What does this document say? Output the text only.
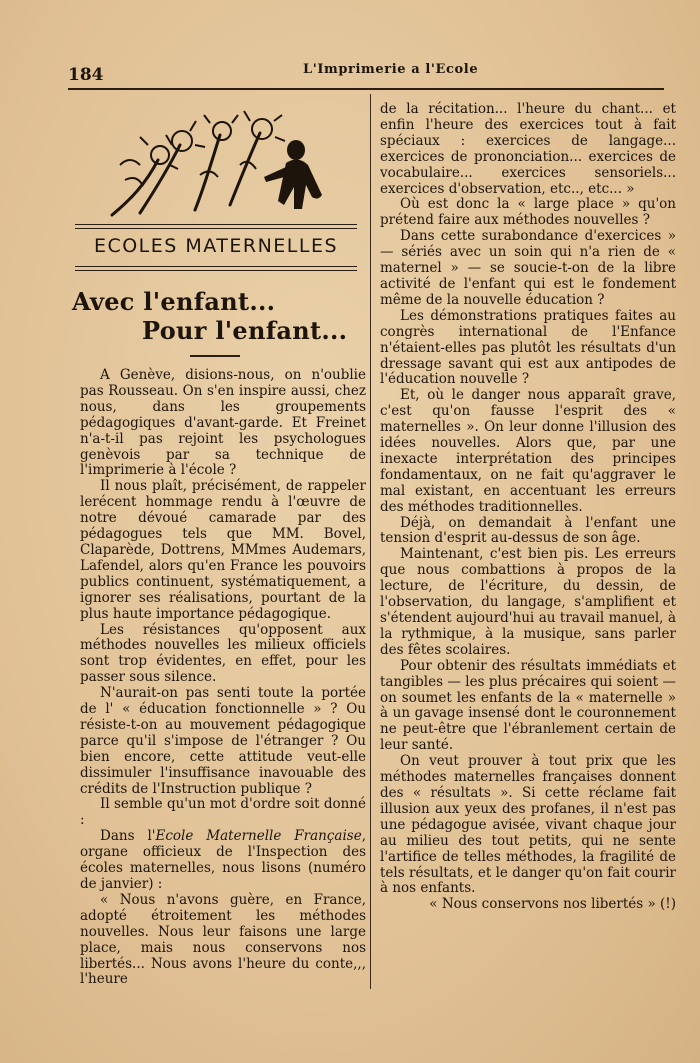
184	L'Imprimerie a l'Ecole
ECOLES MATERNELLES
Avec l'enfant...
Pour l'enfant...

A Genève, disions-nous, on n'oublie pas Rousseau. On s'en inspire aussi, chez nous, dans les groupements pédagogiques d'avant-garde. Et Freinet n'a-t-il pas rejoint les psychologues genèvois par sa technique de l'imprimerie à l'école ?

Il nous plaît, précisément, de rappeler lerécent hommage rendu à l'œuvre de notre dévoué camarade par des pédagogues tels que MM. Bovel, Claparède, Dottrens, MMmes Audemars, Lafendel, alors qu'en France les pouvoirs publics continuent, systématiquement, a ignorer ses réalisations, pourtant de la plus haute importance pédagogique.

Les résistances qu'opposent aux méthodes nouvelles les milieux officiels sont trop évidentes, en effet, pour les passer sous silence.

N'aurait-on pas senti toute la portée de l' « éducation fonctionnelle » ? Ou résiste-t-on au mouvement pédagogique parce qu'il s'impose de l'étranger ? Ou bien encore, cette attitude veut-elle dissimuler l'insuffisance inavouable des crédits de l'Instruction publique ?

Il semble qu'un mot d'ordre soit donné :

Dans l'Ecole Maternelle Française, organe officieux de l'Inspection des écoles maternelles, nous lisons (numéro de janvier) :

« Nous n'avons guère, en France, adopté étroitement les méthodes nouvelles. Nous leur faisons une large place, mais nous conservons nos libertés... Nous avons l'heure du conte,,, l'heure

de la récitation... l'heure du chant... et enfin l'heure des exercices tout à fait spéciaux : exercices de langage... exercices de prononciation... exercices de vocabulaire... exercices sensoriels... exercices d'observation, etc.., etc... »

Où est donc la « large place » qu'on prétend faire aux méthodes nouvelles ?

Dans cette surabondance d'exercices » — sériés avec un soin qui n'a rien de « maternel » — se soucie-t-on de la libre activité de l'enfant qui est le fondement même de la nouvelle éducation ?

Les démonstrations pratiques faites au congrès international de l'Enfance n'étaient-elles pas plutôt les résultats d'un dressage savant qui est aux antipodes de l'éducation nouvelle ?

Et, où le danger nous apparaît grave, c'est qu'on fausse l'esprit des « maternelles ». On leur donne l'illusion des idées nouvelles. Alors que, par une inexacte interprétation des principes fondamentaux, on ne fait qu'aggraver le mal existant, en accentuant les erreurs des méthodes traditionnelles.

Déjà, on demandait à l'enfant une tension d'esprit au-dessus de son âge.

Maintenant, c'est bien pis. Les erreurs que nous combattions à propos de la lecture, de l'écriture, du dessin, de l'observation, du langage, s'amplifient et s'étendent aujourd'hui au travail manuel, à la rythmique, à la musique, sans parler des fêtes scolaires.

Pour obtenir des résultats immédiats et tangibles — les plus précaires qui soient — on soumet les enfants de la « maternelle » à un gavage insensé dont le couronnement ne peut-être que l'ébranlement certain de leur santé.

On veut prouver à tout prix que les méthodes maternelles françaises donnent des « résultats ». Si cette réclame fait illusion aux yeux des profanes, il n'est pas une pédagogue avisée, vivant chaque jour au milieu des tout petits, qui ne sente l'artifice de telles méthodes, la fragilité de tels résultats, et le danger qu'on fait courir à nos enfants.

« Nous conservons nos libertés » (!)
